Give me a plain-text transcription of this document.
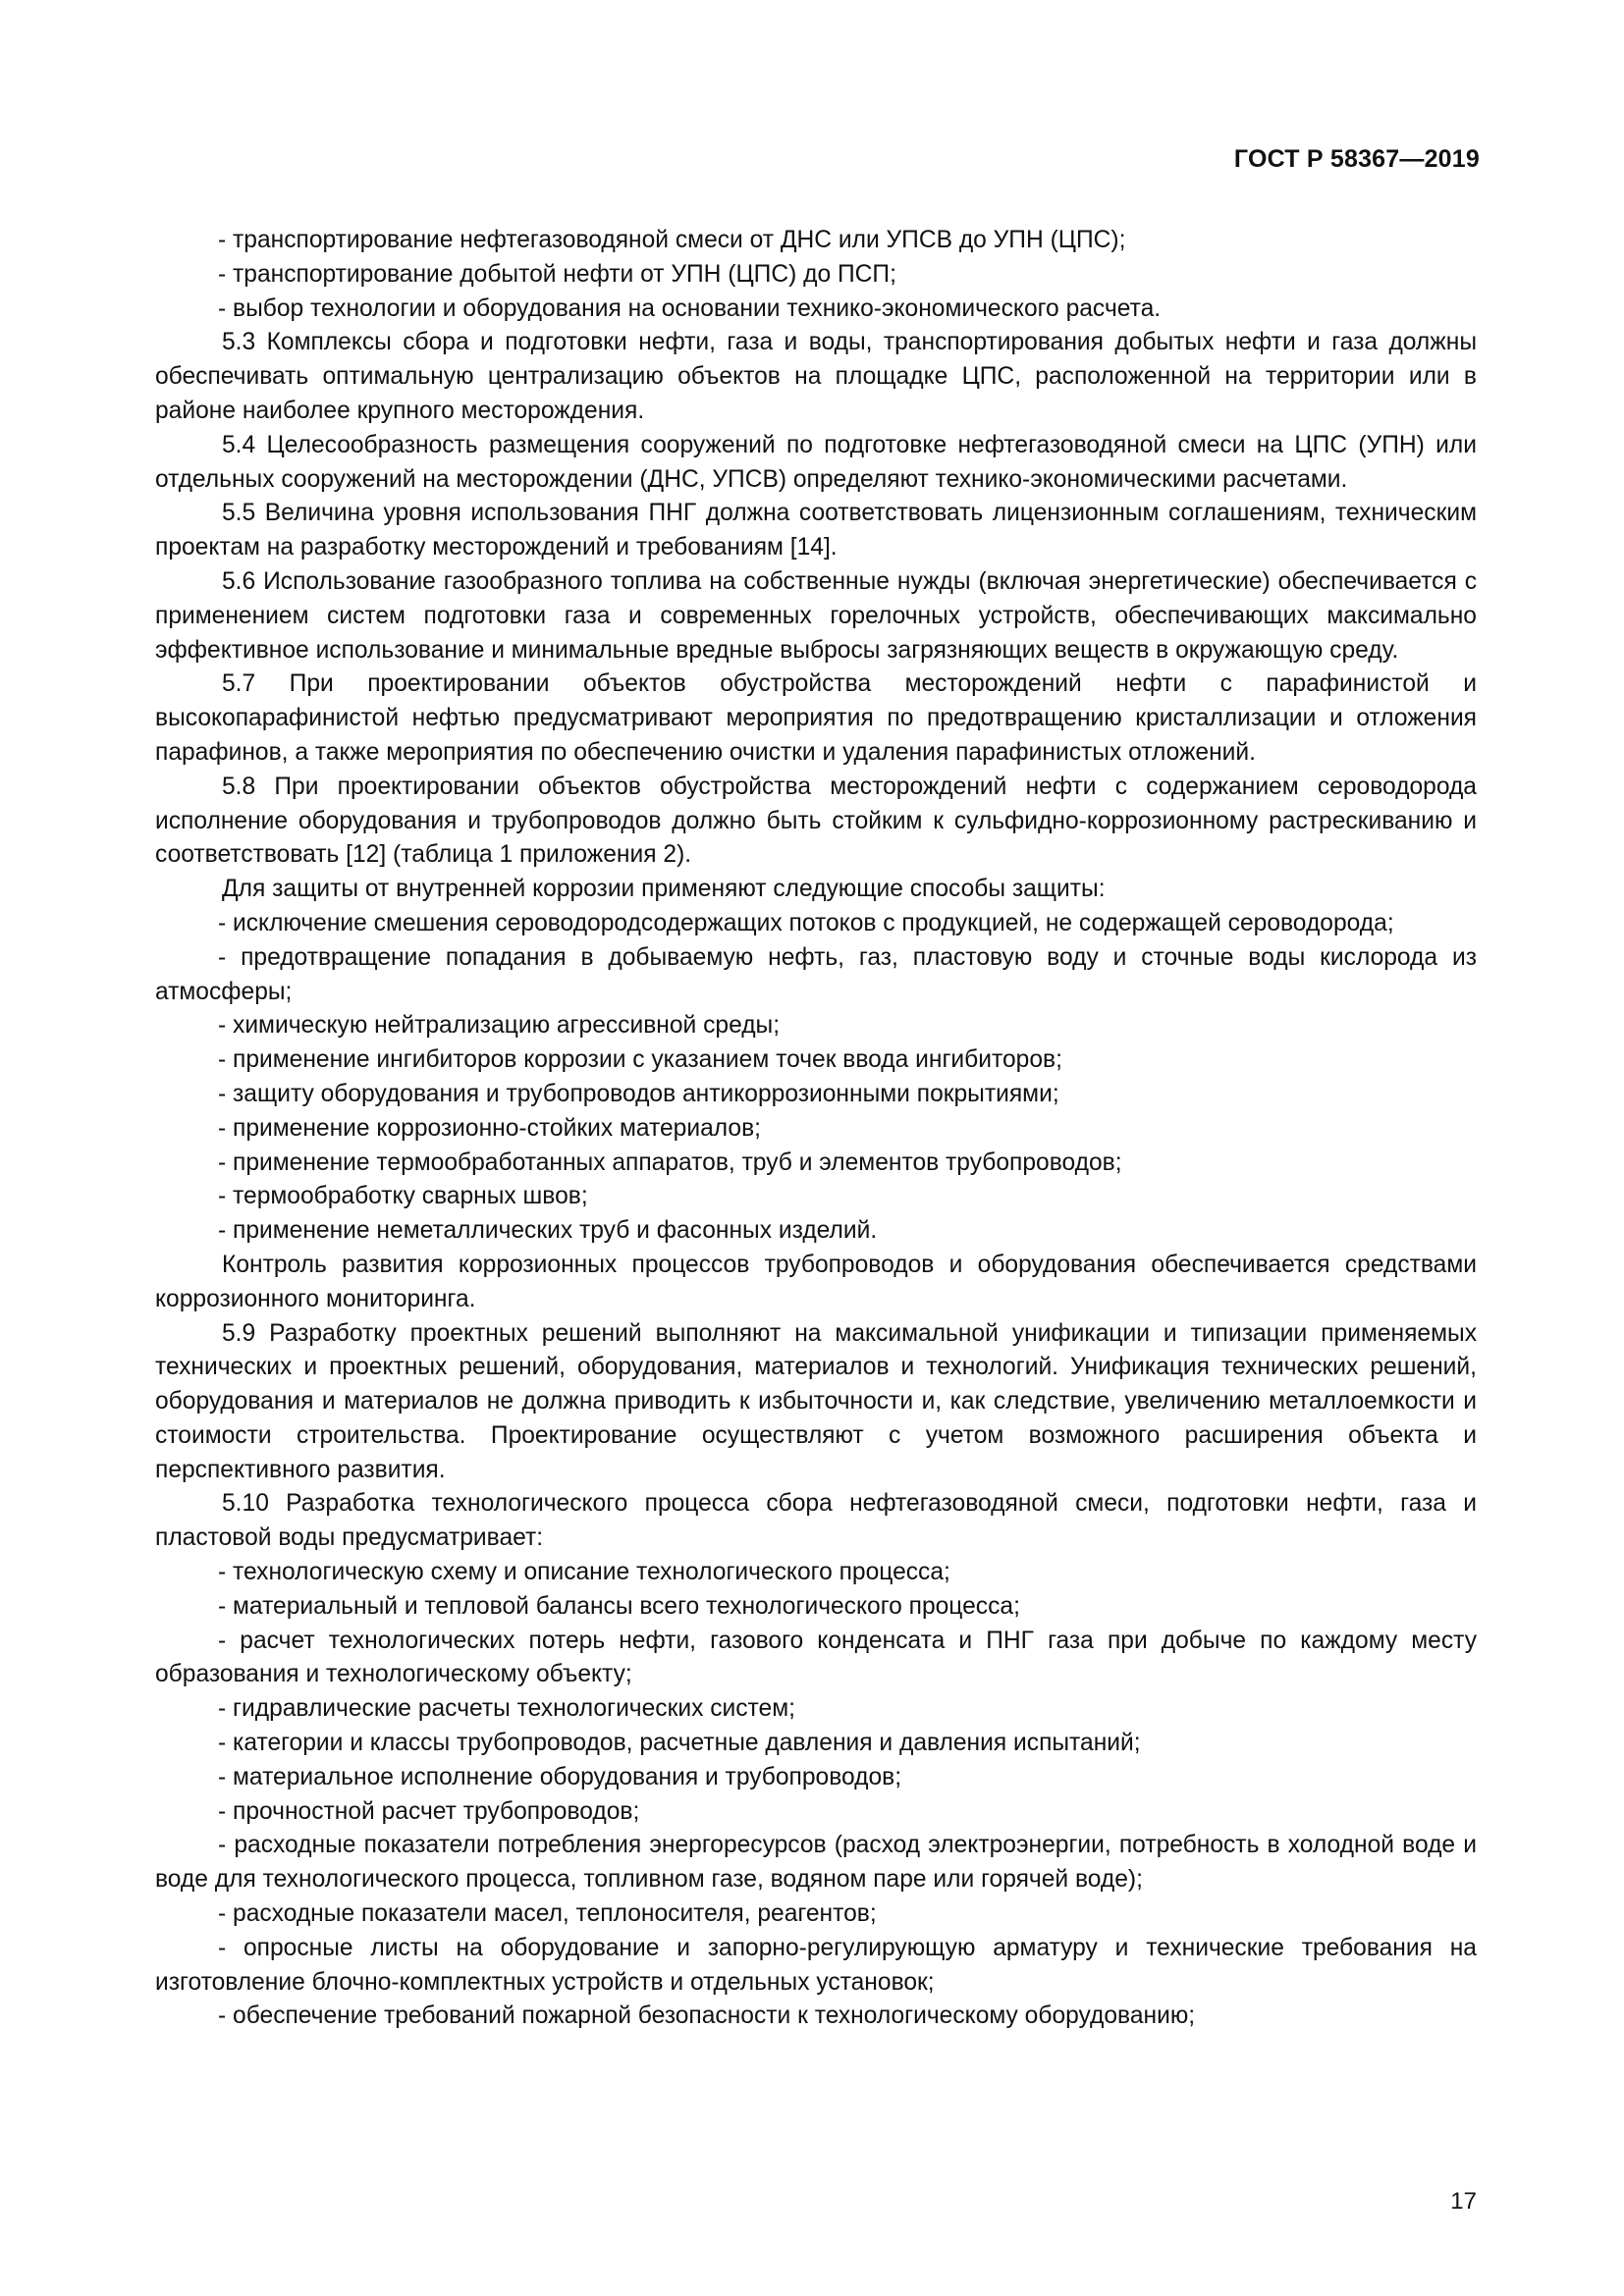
ГОСТ Р 58367—2019

- транспортирование нефтегазоводяной смеси от ДНС или УПСВ до УПН (ЦПС);

- транспортирование добытой нефти от УПН (ЦПС) до ПСП;

- выбор технологии и оборудования на основании технико-экономического расчета.

5.3 Комплексы сбора и подготовки нефти, газа и воды, транспортирования добытых нефти и газа должны обеспечивать оптимальную централизацию объектов на площадке ЦПС, расположенной на территории или в районе наиболее крупного месторождения.

5.4 Целесообразность размещения сооружений по подготовке нефтегазоводяной смеси на ЦПС (УПН) или отдельных сооружений на месторождении (ДНС, УПСВ) определяют технико-экономическими расчетами.

5.5 Величина уровня использования ПНГ должна соответствовать лицензионным соглашениям, техническим проектам на разработку месторождений и требованиям [14].

5.6 Использование газообразного топлива на собственные нужды (включая энергетические) обеспечивается с применением систем подготовки газа и современных горелочных устройств, обеспечивающих максимально эффективное использование и минимальные вредные выбросы загрязняющих веществ в окружающую среду.

5.7 При проектировании объектов обустройства месторождений нефти с парафинистой и высокопарафинистой нефтью предусматривают мероприятия по предотвращению кристаллизации и отложения парафинов, а также мероприятия по обеспечению очистки и удаления парафинистых отложений.

5.8 При проектировании объектов обустройства месторождений нефти с содержанием сероводорода исполнение оборудования и трубопроводов должно быть стойким к сульфидно-коррозионному растрескиванию и соответствовать [12] (таблица 1 приложения 2).

Для защиты от внутренней коррозии применяют следующие способы защиты:

- исключение смешения сероводородсодержащих потоков с продукцией, не содержащей сероводорода;

- предотвращение попадания в добываемую нефть, газ, пластовую воду и сточные воды кислорода из атмосферы;

- химическую нейтрализацию агрессивной среды;

- применение ингибиторов коррозии с указанием точек ввода ингибиторов;

- защиту оборудования и трубопроводов антикоррозионными покрытиями;

- применение коррозионно-стойких материалов;

- применение термообработанных аппаратов, труб и элементов трубопроводов;

- термообработку сварных швов;

- применение неметаллических труб и фасонных изделий.

Контроль развития коррозионных процессов трубопроводов и оборудования обеспечивается средствами коррозионного мониторинга.

5.9 Разработку проектных решений выполняют на максимальной унификации и типизации применяемых технических и проектных решений, оборудования, материалов и технологий. Унификация технических решений, оборудования и материалов не должна приводить к избыточности и, как следствие, увеличению металлоемкости и стоимости строительства. Проектирование осуществляют с учетом возможного расширения объекта и перспективного развития.

5.10 Разработка технологического процесса сбора нефтегазоводяной смеси, подготовки нефти, газа и пластовой воды предусматривает:

- технологическую схему и описание технологического процесса;

- материальный и тепловой балансы всего технологического процесса;

- расчет технологических потерь нефти, газового конденсата и ПНГ газа при добыче по каждому месту образования и технологическому объекту;

- гидравлические расчеты технологических систем;

- категории и классы трубопроводов, расчетные давления и давления испытаний;

- материальное исполнение оборудования и трубопроводов;

- прочностной расчет трубопроводов;

- расходные показатели потребления энергоресурсов (расход электроэнергии, потребность в холодной воде и воде для технологического процесса, топливном газе, водяном паре или горячей воде);

- расходные показатели масел, теплоносителя, реагентов;

- опросные листы на оборудование и запорно-регулирующую арматуру и технические требования на изготовление блочно-комплектных устройств и отдельных установок;

- обеспечение требований пожарной безопасности к технологическому оборудованию;

17
